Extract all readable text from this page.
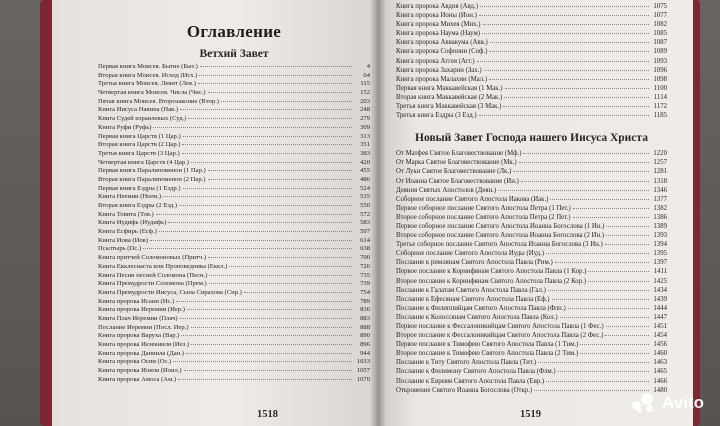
Оглавление
Ветхий Завет
Первая книга Моисея. Бытие (Быт.)	4
Вторая книга Моисея. Исход (Исх.)	64
Третья книга Моисея. Левит (Лев.)	115
Четвертая книга Моисея. Числа (Чис.)	152
Пятая книга Моисея. Второзаконие (Втор.)	203
Книга Иисуса Навина (Нав.)	248
Книга Судей израилевых (Суд.)	279
Книга Руфи (Руфь)	309
Первая книга Царств (1 Цар.)	313
Вторая книга Царств (2 Цар.)	351
Третья книга Царств (3 Цар.)	383
Четвертая книга Царств (4 Цар.)	420
Первая книга Паралипоменон (1 Пар.)	455
Вторая книга Паралипоменон (2 Пар.)	486
Первая книга Ездры (1 Ездр.)	524
Книга Неемии (Неем.)	535
Вторая книга Ездры (2 Езд.)	550
Книга Товита (Тов.)	572
Книга Иудифь (Иудифь)	583
Книга Есфирь (Есф.)	597
Книга Иова (Иов)	614
Псалтырь (Пс.)	638
Книга притчей Соломоновых (Притч.)	700
Книга Екклесиаста или Проповедника (Еккл.)	726
Книга Песни песней Соломона (Песн.)	735
Книга Премудрости Соломона (Прем.)	739
Книга Премудрости Иисуса, Сына Сирахова (Сир.)	754
Книга пророка Исаии (Ис.)	789
Книга пророка Иеремии (Иер.)	836
Книга Плач Иеремии (Плач)	883
Послание Иеремии (Посл. Иер.)	888
Книга пророка Варуха (Вар.)	890
Книга пророка Иезекииля (Иез.)	896
Книга пророка Даниила (Дан.)	944
Книга пророка Осии (Ос.)	1033
Книга пророка Иоиля (Иоил.)	1057
Книга пророка Амоса (Ам.)	1070
1518
Книга пророка Авдия (Авд.)	1075
Книга пророка Ионы (Ион.)	1077
Книга пророка Михея (Мих.)	1082
Книга пророка Наума (Наум)	1085
Книга пророка Аввакума (Авв.)	1087
Книга пророка Софонии (Соф.)	1089
Книга пророка Аггея (Агг.)	1093
Книга пророка Захарии (Зах.)	1096
Книга пророка Малахии (Мал.)	1098
Первая книга Маккавейская (1 Мак.)	1100
Вторая книга Маккавейская (2 Мак.)	1114
Третья книга Маккавейская (3 Мак.)	1172
Третья книга Ездры (3 Езд.)	1185
Новый Завет Господа нашего Иисуса Христа
От Матфея Святое Благовествование (Мф.)	1220
От Марка Святое Благовествование (Мк.)	1257
От Луки Святое Благовествование (Лк.)	1281
От Иоанна Святое Благовествование (Ин.)	1318
Деяния Святых Апостолов (Деян.)	1346
Соборное послание Святого Апостола Иакова (Иак.)	1377
Первое соборное послание Святого Апостола Петра (1 Пет.)	1382
Второе соборное послание Святого Апостола Петра (2 Пет.)	1386
Первое соборное послание Святого Апостола Иоанна Богослова (1 Ин.)	1389
Второе соборное послание Святого Апостола Иоанна Богослова (2 Ин.)	1393
Третье соборное послание Святого Апостола Иоанна Богослова (3 Ин.)	1394
Соборное послание Святого Апостола Иуды (Иуд.)	1395
Послание к римлянам Святого Апостола Павла (Рим.)	1397
Первое послание к Коринфянам Святого Апостола Павла (1 Кор.)	1411
Второе послание к Коринфянам Святого Апостола Павла (2 Кор.)	1425
Послание к Галатам Святого Апостола Павла (Гал.)	1434
Послание к Ефесянам Святого Апостола Павла (Еф.)	1439
Послание к Филиппийцам Святого Апостола Павла (Флп.)	1444
Послание к Колоссянам Святого Апостола Павла (Кол.)	1447
Первое послание к Фессалоникийцам Святого Апостола Павла (1 Фес.)	1451
Второе послание к Фессалоникийцам Святого Апостола Павла (2 Фес.)	1454
Первое послание к Тимофею Святого Апостола Павла (1 Тим.)	1456
Второе послание к Тимофею Святого Апостола Павла (2 Тим.)	1460
Послание к Титу Святого Апостола Павла (Тит.)	1463
Послание к Филимону Святого Апостола Павла (Флм.)	1465
Послание к Евреям Святого Апостола Павла (Евр.)	1466
Откровение Святого Иоанна Богослова (Откр.)	1480
1519
Avito
